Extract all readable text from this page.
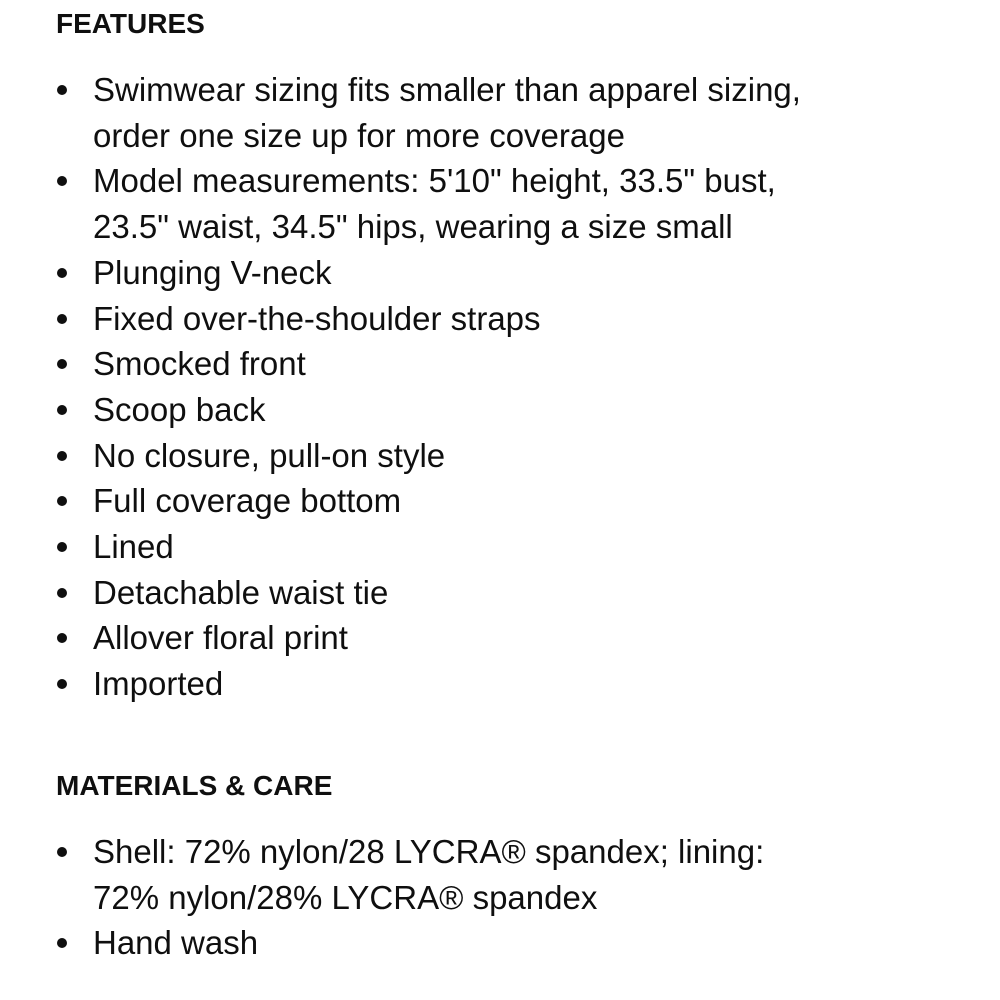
FEATURES
Swimwear sizing fits smaller than apparel sizing, order one size up for more coverage
Model measurements: 5'10" height, 33.5" bust, 23.5" waist, 34.5" hips, wearing a size small
Plunging V-neck
Fixed over-the-shoulder straps
Smocked front
Scoop back
No closure, pull-on style
Full coverage bottom
Lined
Detachable waist tie
Allover floral print
Imported
MATERIALS & CARE
Shell: 72% nylon/28 LYCRA® spandex; lining: 72% nylon/28% LYCRA® spandex
Hand wash
